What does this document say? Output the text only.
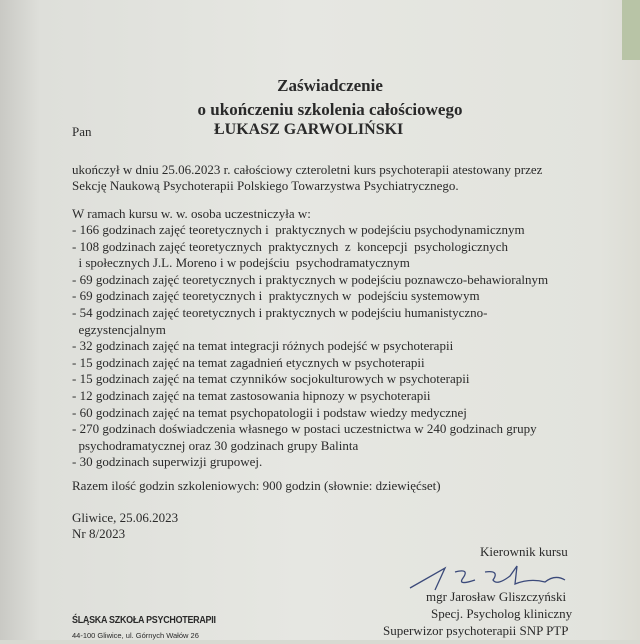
Zaświadczenie
o ukończeniu szkolenia całościowego
Pan	ŁUKASZ GARWOLIŃSKI
ukończył w dniu 25.06.2023 r. całościowy czteroletni kurs psychoterapii atestowany przez
Sekcję Naukową Psychoterapii Polskiego Towarzystwa Psychiatrycznego.
W ramach kursu w. w. osoba uczestniczyła w:
- 166 godzinach zajęć teoretycznych i  praktycznych w podejściu psychodynamicznym
- 108 godzinach zajęć teoretycznych  praktycznych  z  koncepcji  psychologicznych
i społecznych J.L. Moreno i w podejściu  psychodramatycznym
- 69 godzinach zajęć teoretycznych i praktycznych w podejściu poznawczo-behawioralnym
- 69 godzinach zajęć teoretycznych i  praktycznych w  podejściu systemowym
- 54 godzinach zajęć teoretycznych i praktycznych w podejściu humanistyczno-
egzystencjalnym
- 32 godzinach zajęć na temat integracji różnych podejść w psychoterapii
- 15 godzinach zajęć na temat zagadnień etycznych w psychoterapii
- 15 godzinach zajęć na temat czynników socjokulturowych w psychoterapii
- 12 godzinach zajęć na temat zastosowania hipnozy w psychoterapii
- 60 godzinach zajęć na temat psychopatologii i podstaw wiedzy medycznej
- 270 godzinach doświadczenia własnego w postaci uczestnictwa w 240 godzinach grupy
psychodramatycznej oraz 30 godzinach grupy Balinta
- 30 godzinach superwizji grupowej.
Razem ilość godzin szkoleniowych: 900 godzin (słownie: dziewięćset)
Gliwice, 25.06.2023
Nr 8/2023
Kierownik kursu
mgr Jarosław Gliszczyński
Specj. Psycholog kliniczny
Superwizor psychoterapii SNP PTP
ŚLĄSKA SZKOŁA PSYCHOTERAPII
44-100 Gliwice, ul. Górnych Wałów 26
